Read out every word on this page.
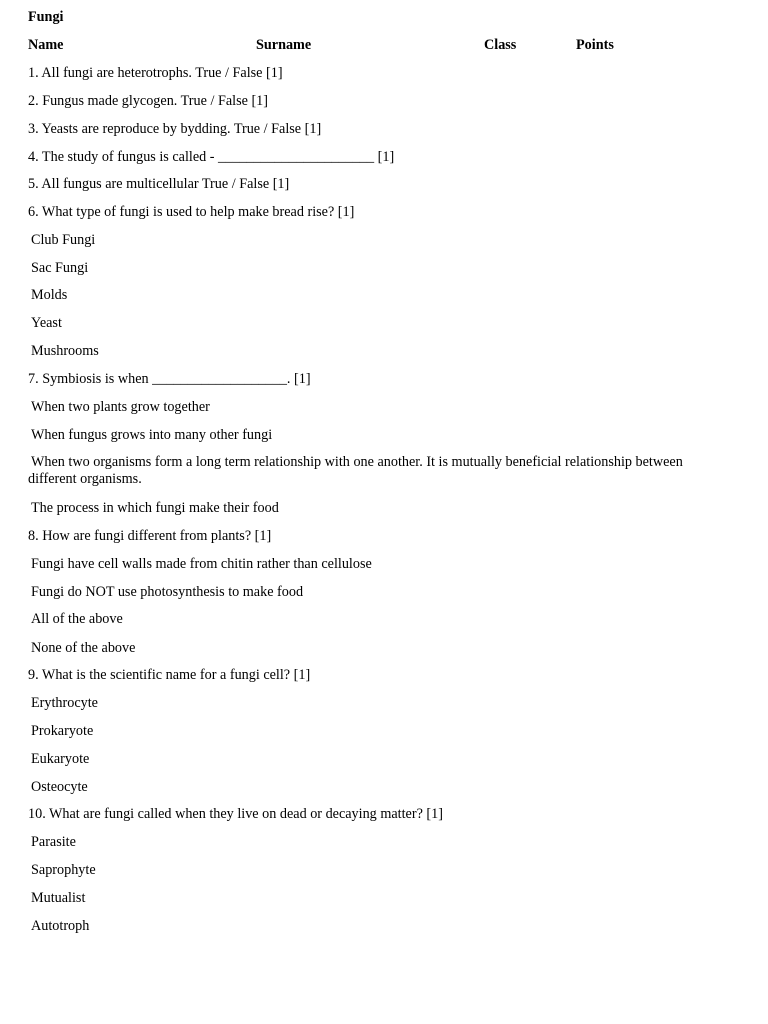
Fungi
Name	Surname	Class	Points
1. All fungi are heterotrophs. True / False [1]
2. Fungus made glycogen. True / False [1]
3. Yeasts are reproduce by bydding. True / False [1]
4. The study of fungus is called - ______________________ [1]
5. All fungus are multicellular True / False [1]
6. What type of fungi is used to help make bread rise? [1]
Club Fungi
Sac Fungi
Molds
Yeast
Mushrooms
7. Symbiosis is when ___________________. [1]
When two plants grow together
When fungus grows into many other fungi
When two organisms form a long term relationship with one another. It is mutually beneficial relationship between different organisms.
The process in which fungi make their food
8. How are fungi different from plants? [1]
Fungi have cell walls made from chitin rather than cellulose
Fungi do NOT use photosynthesis to make food
All of the above
None of the above
9. What is the scientific name for a fungi cell? [1]
Erythrocyte
Prokaryote
Eukaryote
Osteocyte
10. What are fungi called when they live on dead or decaying matter? [1]
Parasite
Saprophyte
Mutualist
Autotroph
